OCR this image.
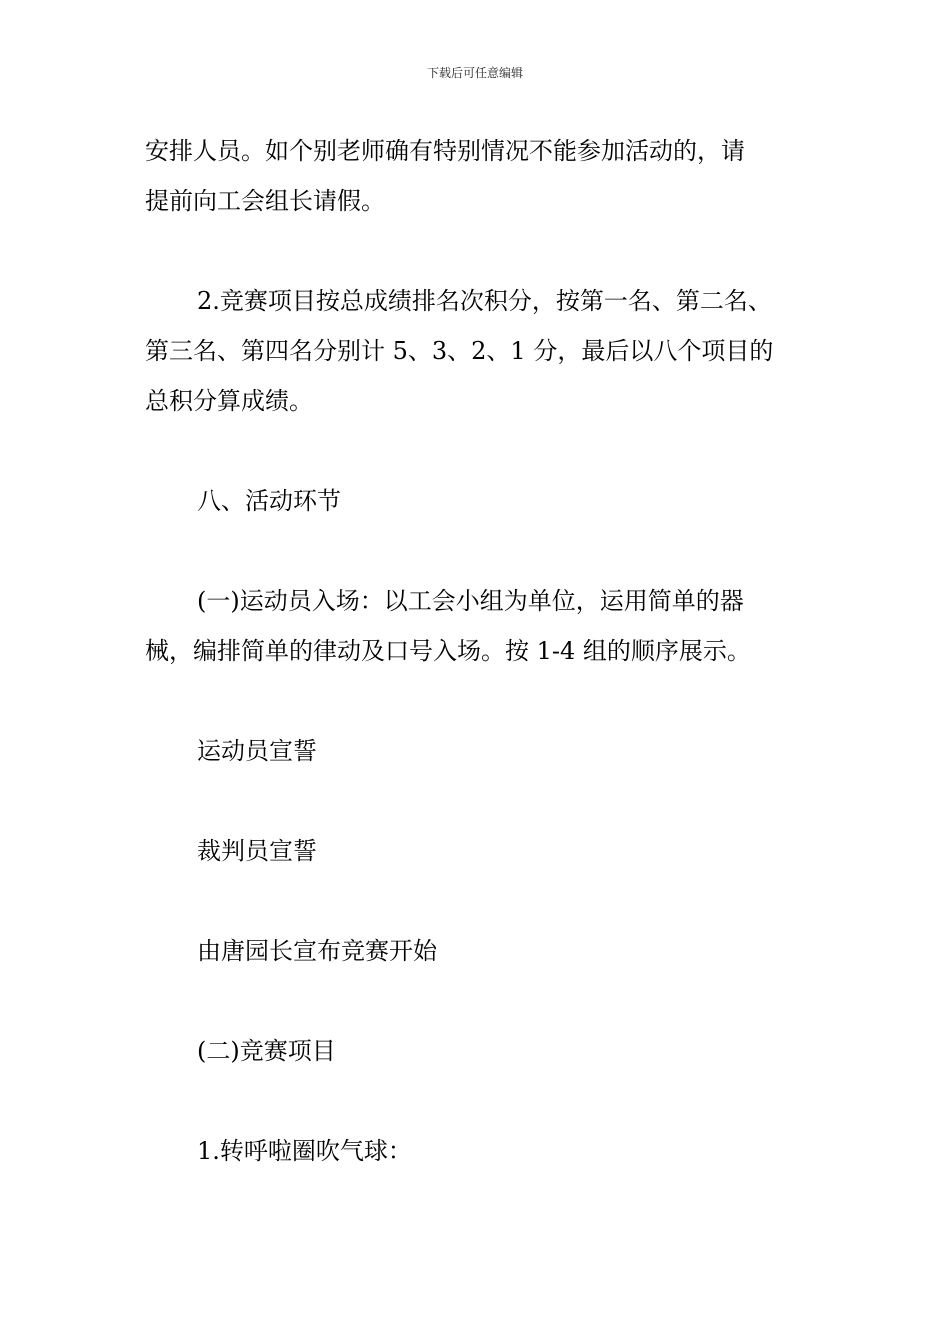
下载后可任意编辑

安排人员。如个别老师确有特别情况不能参加活动的，请

提前向工会组长请假。

2.竞赛项目按总成绩排名次积分，按第一名、第二名、

第三名、第四名分别计 5、3、2、1 分，最后以八个项目的

总积分算成绩。

八、活动环节

(一)运动员入场：以工会小组为单位，运用简单的器

械，编排简单的律动及口号入场。按 1-4 组的顺序展示。

运动员宣誓

裁判员宣誓

由唐园长宣布竞赛开始

(二)竞赛项目

1.转呼啦圈吹气球：
